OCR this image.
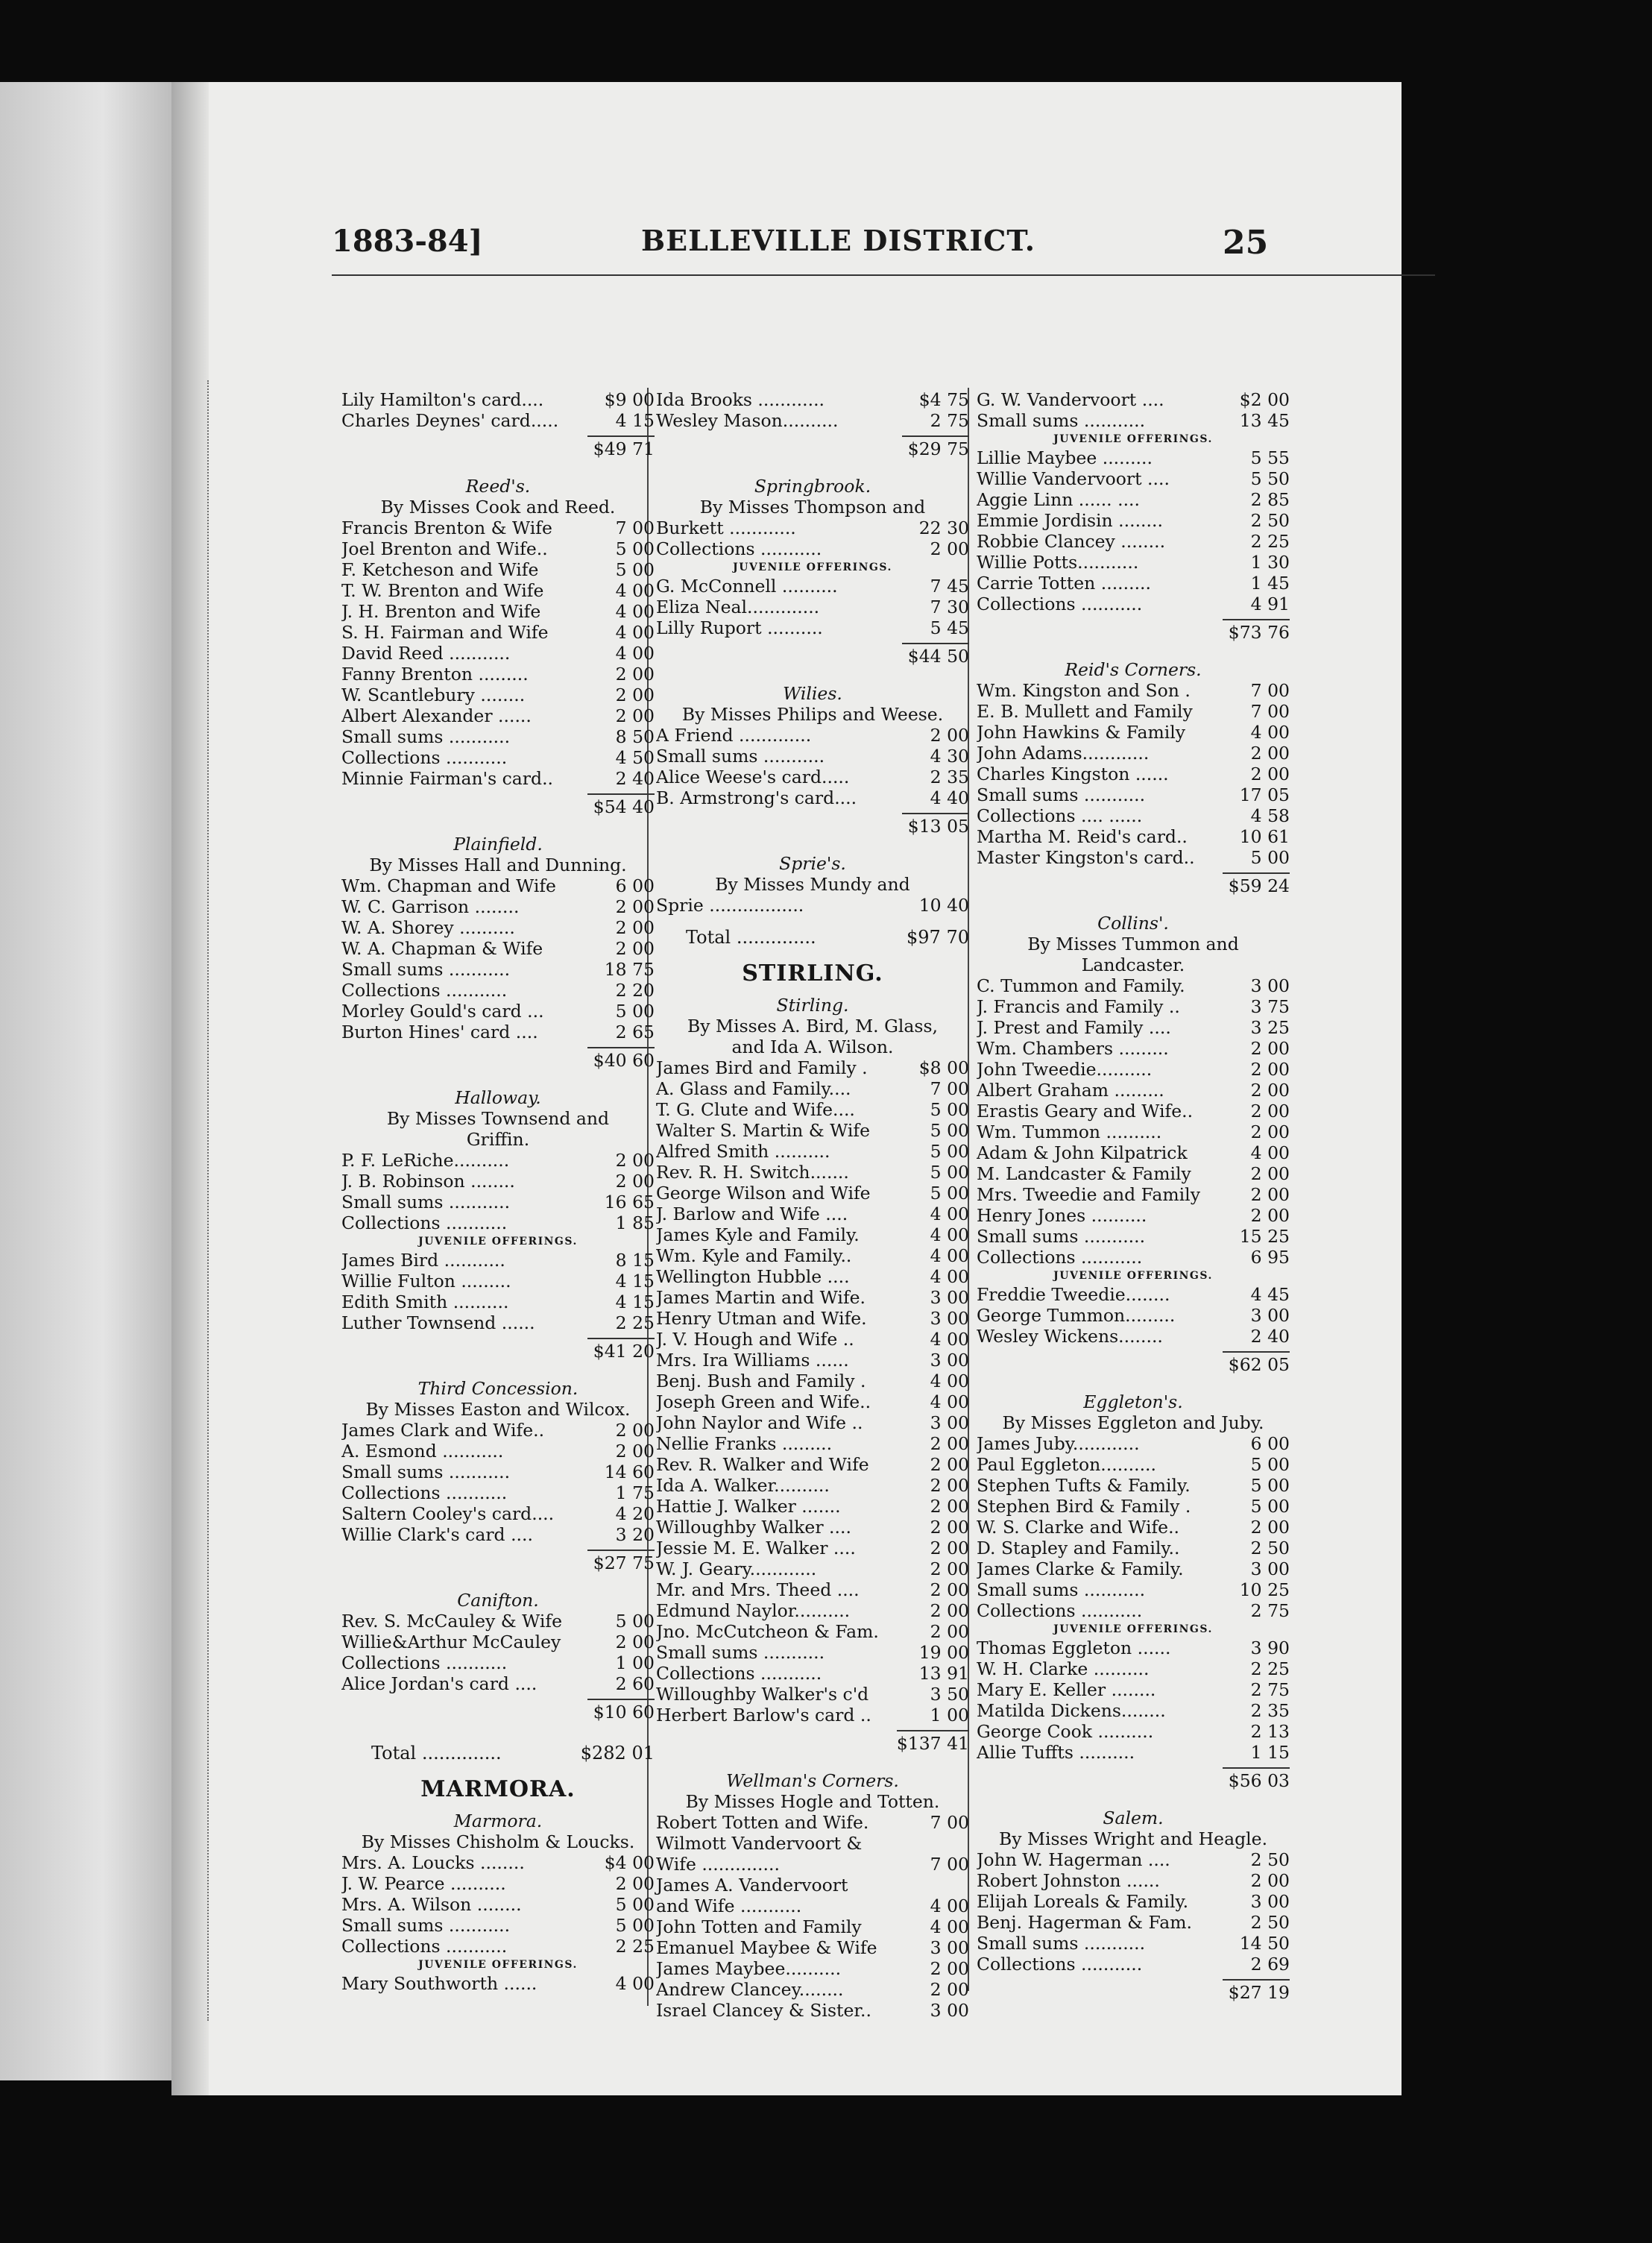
1883-84]	BELLEVILLE DISTRICT.	25
Lily Hamilton's card....	$9 00
Charles Deynes' card.....	4 15
$49 71
Reed's.
By Misses Cook and Reed.
Francis Brenton & Wife	7 00
Joel Brenton and Wife..	5 00
F. Ketcheson and Wife	5 00
T. W. Brenton and Wife	4 00
J. H. Brenton and Wife	4 00
S. H. Fairman and Wife	4 00
David Reed ...........	4 00
Fanny Brenton .........	2 00
W. Scantlebury ........	2 00
Albert Alexander ......	2 00
Small sums ...........	8 50
Collections ...........	4 50
Minnie Fairman's card..	2 40
$54 40
Plainfield.
By Misses Hall and Dunning.
Wm. Chapman and Wife	6 00
W. C. Garrison ........	2 00
W. A. Shorey ..........	2 00
W. A. Chapman & Wife	2 00
Small sums ...........	18 75
Collections ...........	2 20
Morley Gould's card ...	5 00
Burton Hines' card ....	2 65
$40 60
Halloway.
By Misses Townsend and
Griffin.
P. F. LeRiche..........	2 00
J. B. Robinson ........	2 00
Small sums ...........	16 65
Collections ...........	1 85
JUVENILE OFFERINGS.
James Bird ...........	8 15
Willie Fulton .........	4 15
Edith Smith ..........	4 15
Luther Townsend ......	2 25
$41 20
Third Concession.
By Misses Easton and Wilcox.
James Clark and Wife..	2 00
A. Esmond ...........	2 00
Small sums ...........	14 60
Collections ...........	1 75
Saltern Cooley's card....	4 20
Willie Clark's card ....	3 20
$27 75
Canifton.
Rev. S. McCauley & Wife	5 00
Willie&Arthur McCauley	2 00
Collections ...........	1 00
Alice Jordan's card ....	2 60
$10 60
Total ..............	$282 01
MARMORA.
Marmora.
By Misses Chisholm & Loucks.
Mrs. A. Loucks ........	$4 00
J. W. Pearce ..........	2 00
Mrs. A. Wilson ........	5 00
Small sums ...........	5 00
Collections ...........	2 25
JUVENILE OFFERINGS.
Mary Southworth ......	4 00
Ida Brooks ............	$4 75
Wesley Mason..........	2 75
$29 75
Springbrook.
By Misses Thompson and
Burkett ............	22 30
Collections ...........	2 00
JUVENILE OFFERINGS.
G. McConnell ..........	7 45
Eliza Neal.............	7 30
Lilly Ruport ..........	5 45
$44 50
Wilies.
By Misses Philips and Weese.
A Friend .............	2 00
Small sums ...........	4 30
Alice Weese's card.....	2 35
B. Armstrong's card....	4 40
$13 05
Sprie's.
By Misses Mundy and
Sprie .................	10 40
Total ..............	$97 70
STIRLING.
Stirling.
By Misses A. Bird, M. Glass,
and Ida A. Wilson.
James Bird and Family .	$8 00
A. Glass and Family....	7 00
T. G. Clute and Wife....	5 00
Walter S. Martin & Wife	5 00
Alfred Smith ..........	5 00
Rev. R. H. Switch.......	5 00
George Wilson and Wife	5 00
J. Barlow and Wife ....	4 00
James Kyle and Family.	4 00
Wm. Kyle and Family..	4 00
Wellington Hubble ....	4 00
James Martin and Wife.	3 00
Henry Utman and Wife.	3 00
J. V. Hough and Wife ..	4 00
Mrs. Ira Williams ......	3 00
Benj. Bush and Family .	4 00
Joseph Green and Wife..	4 00
John Naylor and Wife ..	3 00
Nellie Franks .........	2 00
Rev. R. Walker and Wife	2 00
Ida A. Walker..........	2 00
Hattie J. Walker .......	2 00
Willoughby Walker ....	2 00
Jessie M. E. Walker ....	2 00
W. J. Geary............	2 00
Mr. and Mrs. Theed ....	2 00
Edmund Naylor..........	2 00
Jno. McCutcheon & Fam.	2 00
Small sums ...........	19 00
Collections ...........	13 91
Willoughby Walker's c'd	3 50
Herbert Barlow's card ..	1 00
$137 41
Wellman's Corners.
By Misses Hogle and Totten.
Robert Totten and Wife.	7 00
Wilmott Vandervoort &
Wife ..............	7 00
James A. Vandervoort
and Wife ...........	4 00
John Totten and Family	4 00
Emanuel Maybee & Wife	3 00
James Maybee..........	2 00
Andrew Clancey........	2 00
Israel Clancey & Sister..	3 00
G. W. Vandervoort ....	$2 00
Small sums ...........	13 45
JUVENILE OFFERINGS.
Lillie Maybee .........	5 55
Willie Vandervoort ....	5 50
Aggie Linn ...... ....	2 85
Emmie Jordisin ........	2 50
Robbie Clancey ........	2 25
Willie Potts...........	1 30
Carrie Totten .........	1 45
Collections ...........	4 91
$73 76
Reid's Corners.
Wm. Kingston and Son .	7 00
E. B. Mullett and Family	7 00
John Hawkins & Family	4 00
John Adams............	2 00
Charles Kingston ......	2 00
Small sums ...........	17 05
Collections .... ......	4 58
Martha M. Reid's card..	10 61
Master Kingston's card..	5 00
$59 24
Collins'.
By Misses Tummon and
Landcaster.
C. Tummon and Family.	3 00
J. Francis and Family ..	3 75
J. Prest and Family ....	3 25
Wm. Chambers .........	2 00
John Tweedie..........	2 00
Albert Graham .........	2 00
Erastis Geary and Wife..	2 00
Wm. Tummon ..........	2 00
Adam & John Kilpatrick	4 00
M. Landcaster & Family	2 00
Mrs. Tweedie and Family	2 00
Henry Jones ..........	2 00
Small sums ...........	15 25
Collections ...........	6 95
JUVENILE OFFERINGS.
Freddie Tweedie........	4 45
George Tummon.........	3 00
Wesley Wickens........	2 40
$62 05
Eggleton's.
By Misses Eggleton and Juby.
James Juby............	6 00
Paul Eggleton..........	5 00
Stephen Tufts & Family.	5 00
Stephen Bird & Family .	5 00
W. S. Clarke and Wife..	2 00
D. Stapley and Family..	2 50
James Clarke & Family.	3 00
Small sums ...........	10 25
Collections ...........	2 75
JUVENILE OFFERINGS.
Thomas Eggleton ......	3 90
W. H. Clarke ..........	2 25
Mary E. Keller ........	2 75
Matilda Dickens........	2 35
George Cook ..........	2 13
Allie Tuffts ..........	1 15
$56 03
Salem.
By Misses Wright and Heagle.
John W. Hagerman ....	2 50
Robert Johnston ......	2 00
Elijah Loreals & Family.	3 00
Benj. Hagerman & Fam.	2 50
Small sums ...........	14 50
Collections ...........	2 69
$27 19
